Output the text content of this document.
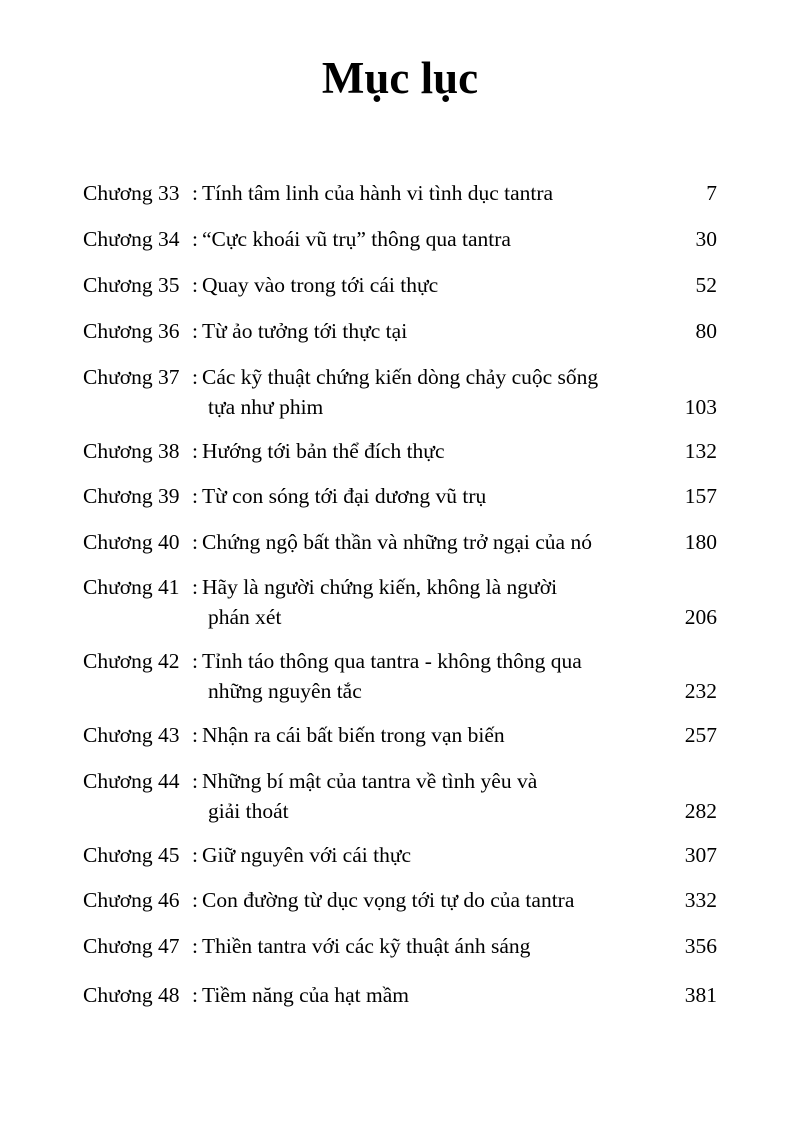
Mục lục
Chương 33 : Tính tâm linh của hành vi tình dục tantra	7
Chương 34 : “Cực khoái vũ trụ” thông qua tantra	30
Chương 35 : Quay vào trong tới cái thực	52
Chương 36 : Từ ảo tưởng tới thực tại	80
Chương 37 : Các kỹ thuật chứng kiến dòng chảy cuộc sống
tựa như phim	103
Chương 38 : Hướng tới bản thể đích thực	132
Chương 39 : Từ con sóng tới đại dương vũ trụ	157
Chương 40 : Chứng ngộ bất thần và những trở ngại của nó	180
Chương 41 : Hãy là người chứng kiến, không là người
phán xét	206
Chương 42 : Tỉnh táo thông qua tantra - không thông qua
những nguyên tắc	232
Chương 43 : Nhận ra cái bất biến trong vạn biến	257
Chương 44 : Những bí mật của tantra về tình yêu và
giải thoát	282
Chương 45 : Giữ nguyên với cái thực	307
Chương 46 : Con đường từ dục vọng tới tự do của tantra	332
Chương 47 : Thiền tantra với các kỹ thuật ánh sáng	356
Chương 48 : Tiềm năng của hạt mầm	381
